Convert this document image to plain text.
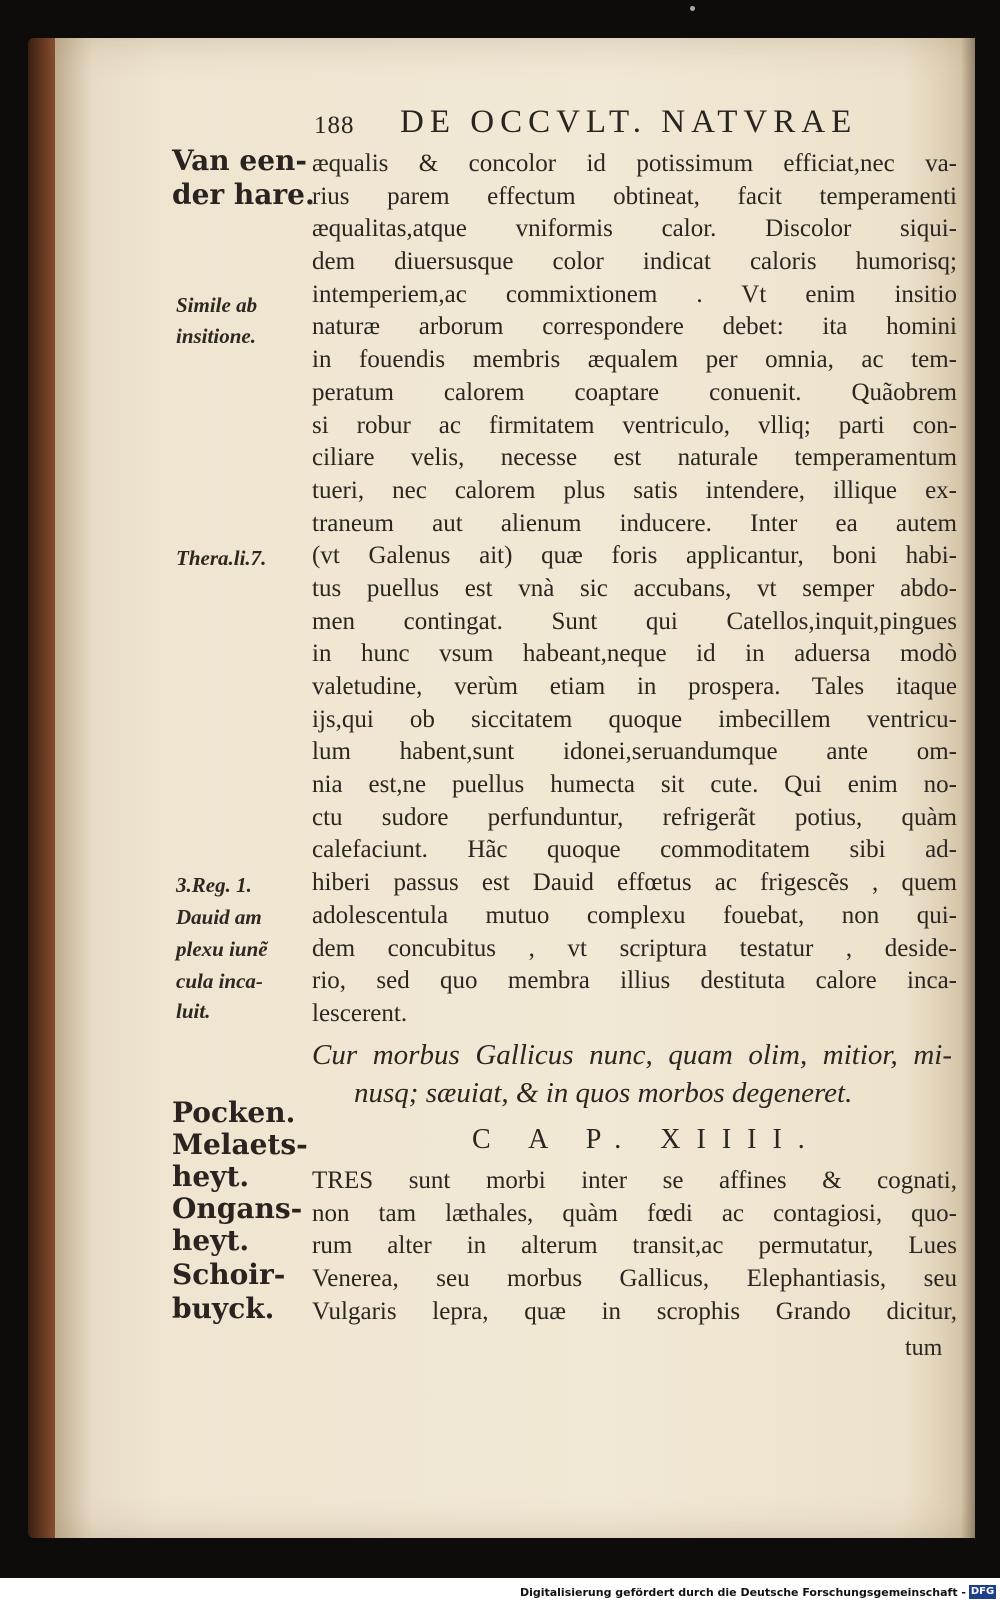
188 DE OCCVLT. NATVRAE
æqualis & concolor id potissimum efficiat,nec va-
rius parem effectum obtineat, facit temperamenti
æqualitas,atque vniformis calor. Discolor siqui-
dem diuersusque color indicat caloris humorisq;
intemperiem,ac commixtionem . Vt enim insitio
naturæ arborum correspondere debet: ita homini
in fouendis membris æqualem per omnia, ac tem-
peratum calorem coaptare conuenit. Quãobrem
si robur ac firmitatem ventriculo, vlliq; parti con-
ciliare velis, necesse est naturale temperamentum
tueri, nec calorem plus satis intendere, illique ex-
traneum aut alienum inducere. Inter ea autem
(vt Galenus ait) quæ foris applicantur, boni habi-
tus puellus est vnà sic accubans, vt semper abdo-
men contingat. Sunt qui Catellos,inquit,pingues
in hunc vsum habeant,neque id in aduersa modò
valetudine, verùm etiam in prospera. Tales itaque
ijs,qui ob siccitatem quoque imbecillem ventricu-
lum habent,sunt idonei,seruandumque ante om-
nia est,ne puellus humecta sit cute. Qui enim no-
ctu sudore perfunduntur, refrigerãt potius, quàm
calefaciunt. Hãc quoque commoditatem sibi ad-
hiberi passus est Dauid effœtus ac frigescẽs , quem
adolescentula mutuo complexu fouebat, non qui-
dem concubitus , vt scriptura testatur , deside-
rio, sed quo membra illius destituta calore inca-
lescerent.
Cur morbus Gallicus nunc, quam olim, mitior, mi-
nusq; sæuiat, & in quos morbos degeneret.
C A P. XIIII.
TRES sunt morbi inter se affines & cognati,
non tam læthales, quàm fœdi ac contagiosi, quo-
rum alter in alterum transit,ac permutatur, Lues
Venerea, seu morbus Gallicus, Elephantiasis, seu
Vulgaris lepra, quæ in scrophis Grando dicitur,
tum
Van een-
der hare.
Simile ab
insitione.
Thera.li.7.
3.Reg. 1.
Dauid am
plexu iunẽ
cula inca-
luit.
Pocken.
Melaets-
heyt.
Ongans-
heyt.
Schoir-
buyck.
Digitalisierung gefördert durch die Deutsche Forschungsgemeinschaft - DFG
